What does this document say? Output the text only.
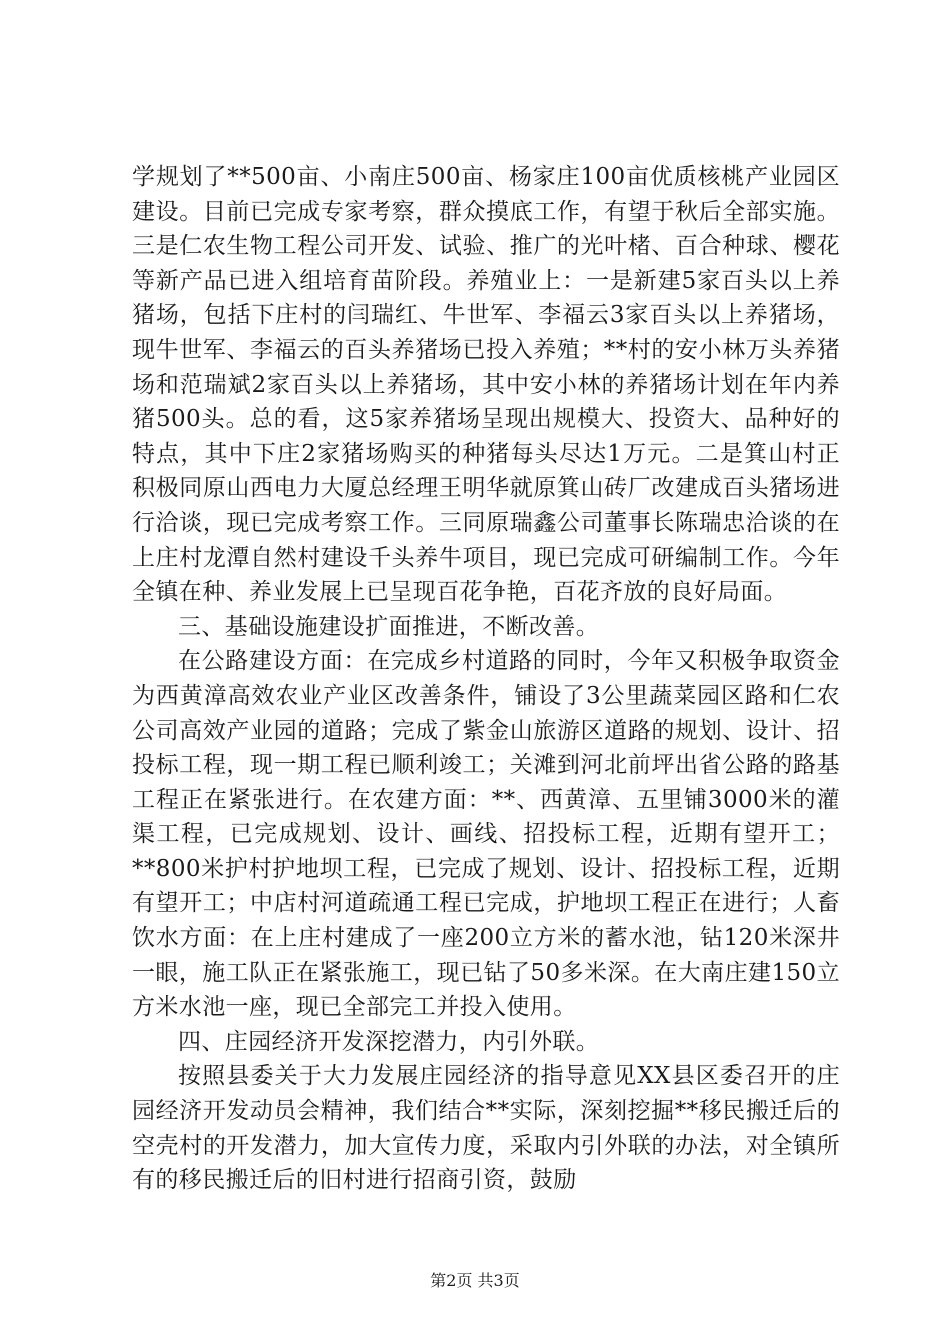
学规划了**500亩、小南庄500亩、杨家庄100亩优质核桃产业园区建设。目前已完成专家考察，群众摸底工作，有望于秋后全部实施。三是仁农生物工程公司开发、试验、推广的光叶楮、百合种球、樱花等新产品已进入组培育苗阶段。养殖业上：一是新建5家百头以上养猪场，包括下庄村的闫瑞红、牛世军、李福云3家百头以上养猪场，现牛世军、李福云的百头养猪场已投入养殖；**村的安小林万头养猪场和范瑞斌2家百头以上养猪场，其中安小林的养猪场计划在年内养猪500头。总的看，这5家养猪场呈现出规模大、投资大、品种好的特点，其中下庄2家猪场购买的种猪每头尽达1万元。二是箕山村正积极同原山西电力大厦总经理王明华就原箕山砖厂改建成百头猪场进行洽谈，现已完成考察工作。三同原瑞鑫公司董事长陈瑞忠洽谈的在上庄村龙潭自然村建设千头养牛项目，现已完成可研编制工作。今年全镇在种、养业发展上已呈现百花争艳，百花齐放的良好局面。

三、基础设施建设扩面推进，不断改善。

在公路建设方面：在完成乡村道路的同时，今年又积极争取资金为西黄漳高效农业产业区改善条件，铺设了3公里蔬菜园区路和仁农公司高效产业园的道路；完成了紫金山旅游区道路的规划、设计、招投标工程，现一期工程已顺利竣工；关滩到河北前坪出省公路的路基工程正在紧张进行。在农建方面：**、西黄漳、五里铺3000米的灌渠工程，已完成规划、设计、画线、招投标工程，近期有望开工；**800米护村护地坝工程，已完成了规划、设计、招投标工程，近期有望开工；中店村河道疏通工程已完成，护地坝工程正在进行；人畜饮水方面：在上庄村建成了一座200立方米的蓄水池，钻120米深井一眼，施工队正在紧张施工，现已钻了50多米深。在大南庄建150立方米水池一座，现已全部完工并投入使用。

四、庄园经济开发深挖潜力，内引外联。

按照县委关于大力发展庄园经济的指导意见XX县区委召开的庄园经济开发动员会精神，我们结合**实际，深刻挖掘**移民搬迁后的空壳村的开发潜力，加大宣传力度，采取内引外联的办法，对全镇所有的移民搬迁后的旧村进行招商引资，鼓励

第2页 共3页
